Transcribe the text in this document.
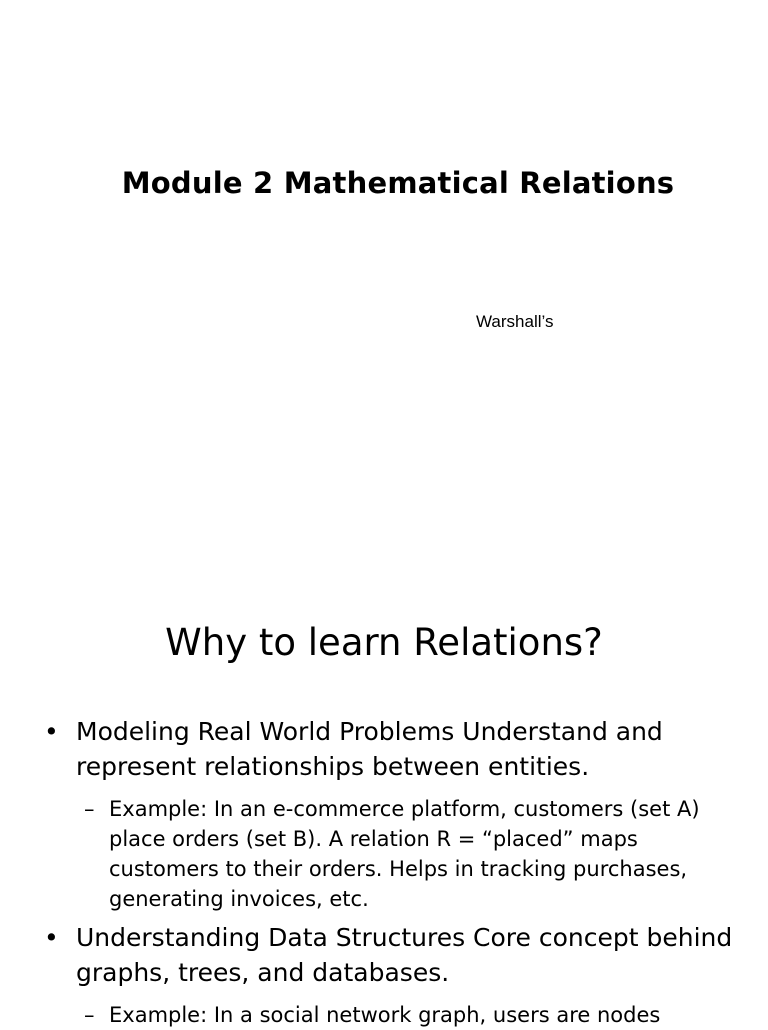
Module 2 Mathematical Relations
Warshall’s
Why to learn Relations?
• Modeling Real World Problems Understand and represent relationships between entities.
– Example: In an e-commerce platform, customers (set A) place orders (set B). A relation R = “placed” maps customers to their orders. Helps in tracking purchases, generating invoices, etc.
• Understanding Data Structures Core concept behind graphs, trees, and databases.
– Example: In a social network graph, users are nodes
